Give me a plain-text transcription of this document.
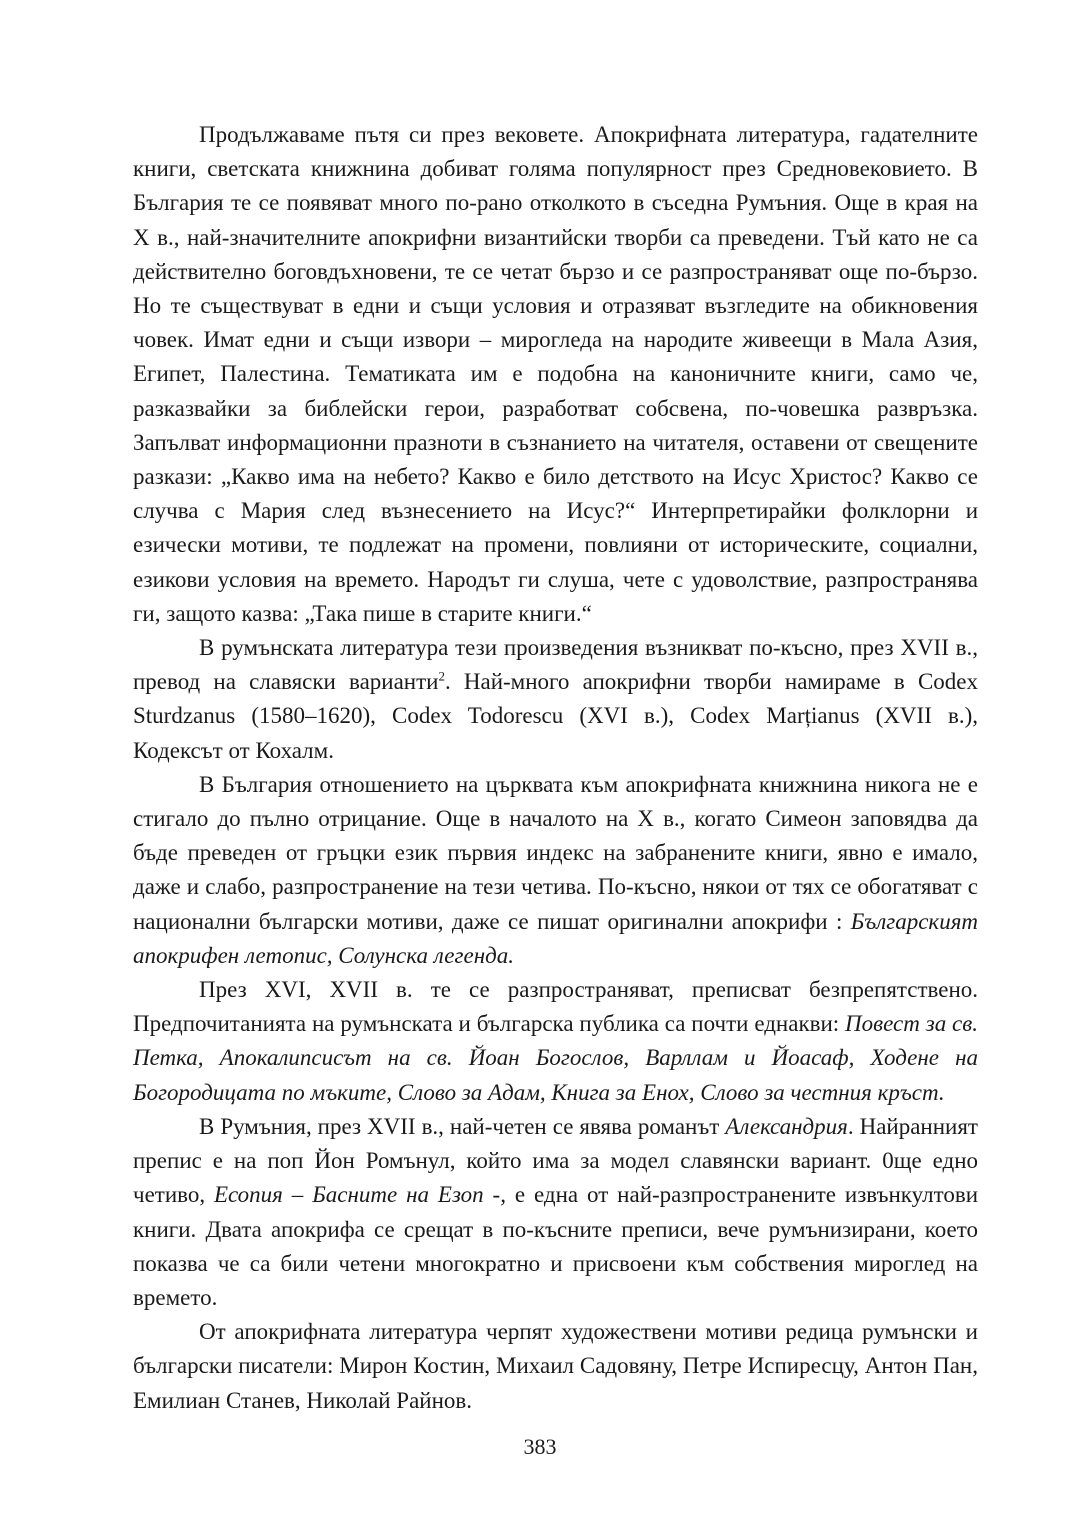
Продължаваме пътя си през вековете. Апокрифната литература, гадателните книги, светската книжнина добиват голяма популярност през Средновековието. В България те се появяват много по-рано отколкото в съседна Румъния. Още в края на X в., най-значителните апокрифни византийски творби са преведени. Тъй като не са действително боговдъхновени, те се четат бързо и се разпространяват още по-бързо. Но те съществуват в едни и същи условия и отразяват възгледите на обикновения човек. Имат едни и същи извори – мирогледа на народите живеещи в Мала Азия, Египет, Палестина. Тематиката им е подобна на каноничните книги, само че, разказвайки за библейски герои, разработват собсвена, по-човешка развръзка. Запълват информационни празноти в съзнанието на читателя, оставени от свещените разкази: „Какво има на небето? Какво е било детството на Исус Христос? Какво се случва с Мария след възнесението на Исус?“ Интерпретирайки фолклорни и езически мотиви, те подлежат на промени, повлияни от историческите, социални, езикови условия на времето. Народът ги слуша, чете с удоволствие, разпространява ги, защото казва: „Така пише в старите книги.“

В румънската литература тези произведения възникват по-късно, през XVII в., превод на славяски варианти$^2$. Най-много апокрифни творби намираме в Codex Sturdzanus (1580–1620), Codex Todorescu (XVI в.), Codex Marțianus (XVII в.), Кодексът от Кохалм.

В България отношението на църквата към апокрифната книжнина никога не е стигало до пълно отрицание. Още в началото на X в., когато Симеон заповядва да бъде преведен от гръцки език първия индекс на забранените книги, явно е имало, даже и слабо, разпространение на тези четива. По-късно, някои от тях се обогатяват с национални български мотиви, даже се пишат оригинални апокрифи : Българският апокрифен летопис, Солунска легенда.

През XVI, XVII в. те се разпространяват, преписват безпрепятствено. Предпочитанията на румънската и българска публика са почти еднакви: Повест за св. Петка, Апокалипсисът на св. Йоан Богослов, Варллам и Йоасаф, Ходене на Богородицата по мъките, Слово за Адам, Книга за Енох, Слово за честния кръст.

В Румъния, през XVII в., най-четен се явява романът Александрия. Найранният препис е на поп Йон Ромънул, който има за модел славянски вариант. 0ще едно четиво, Есопия – Басните на Езоп -, е една от най-разпространените извънкултови книги. Двата апокрифа се срещат в по-късните преписи, вече румънизирани, което показва че са били четени многократно и присвоени към собствения мироглед на времето.

От апокрифната литература черпят художествени мотиви редица румънски и български писатели: Мирон Костин, Михаил Садовяну, Петре Испиресцу, Антон Пан, Емилиан Станев, Николай Райнов.

383
